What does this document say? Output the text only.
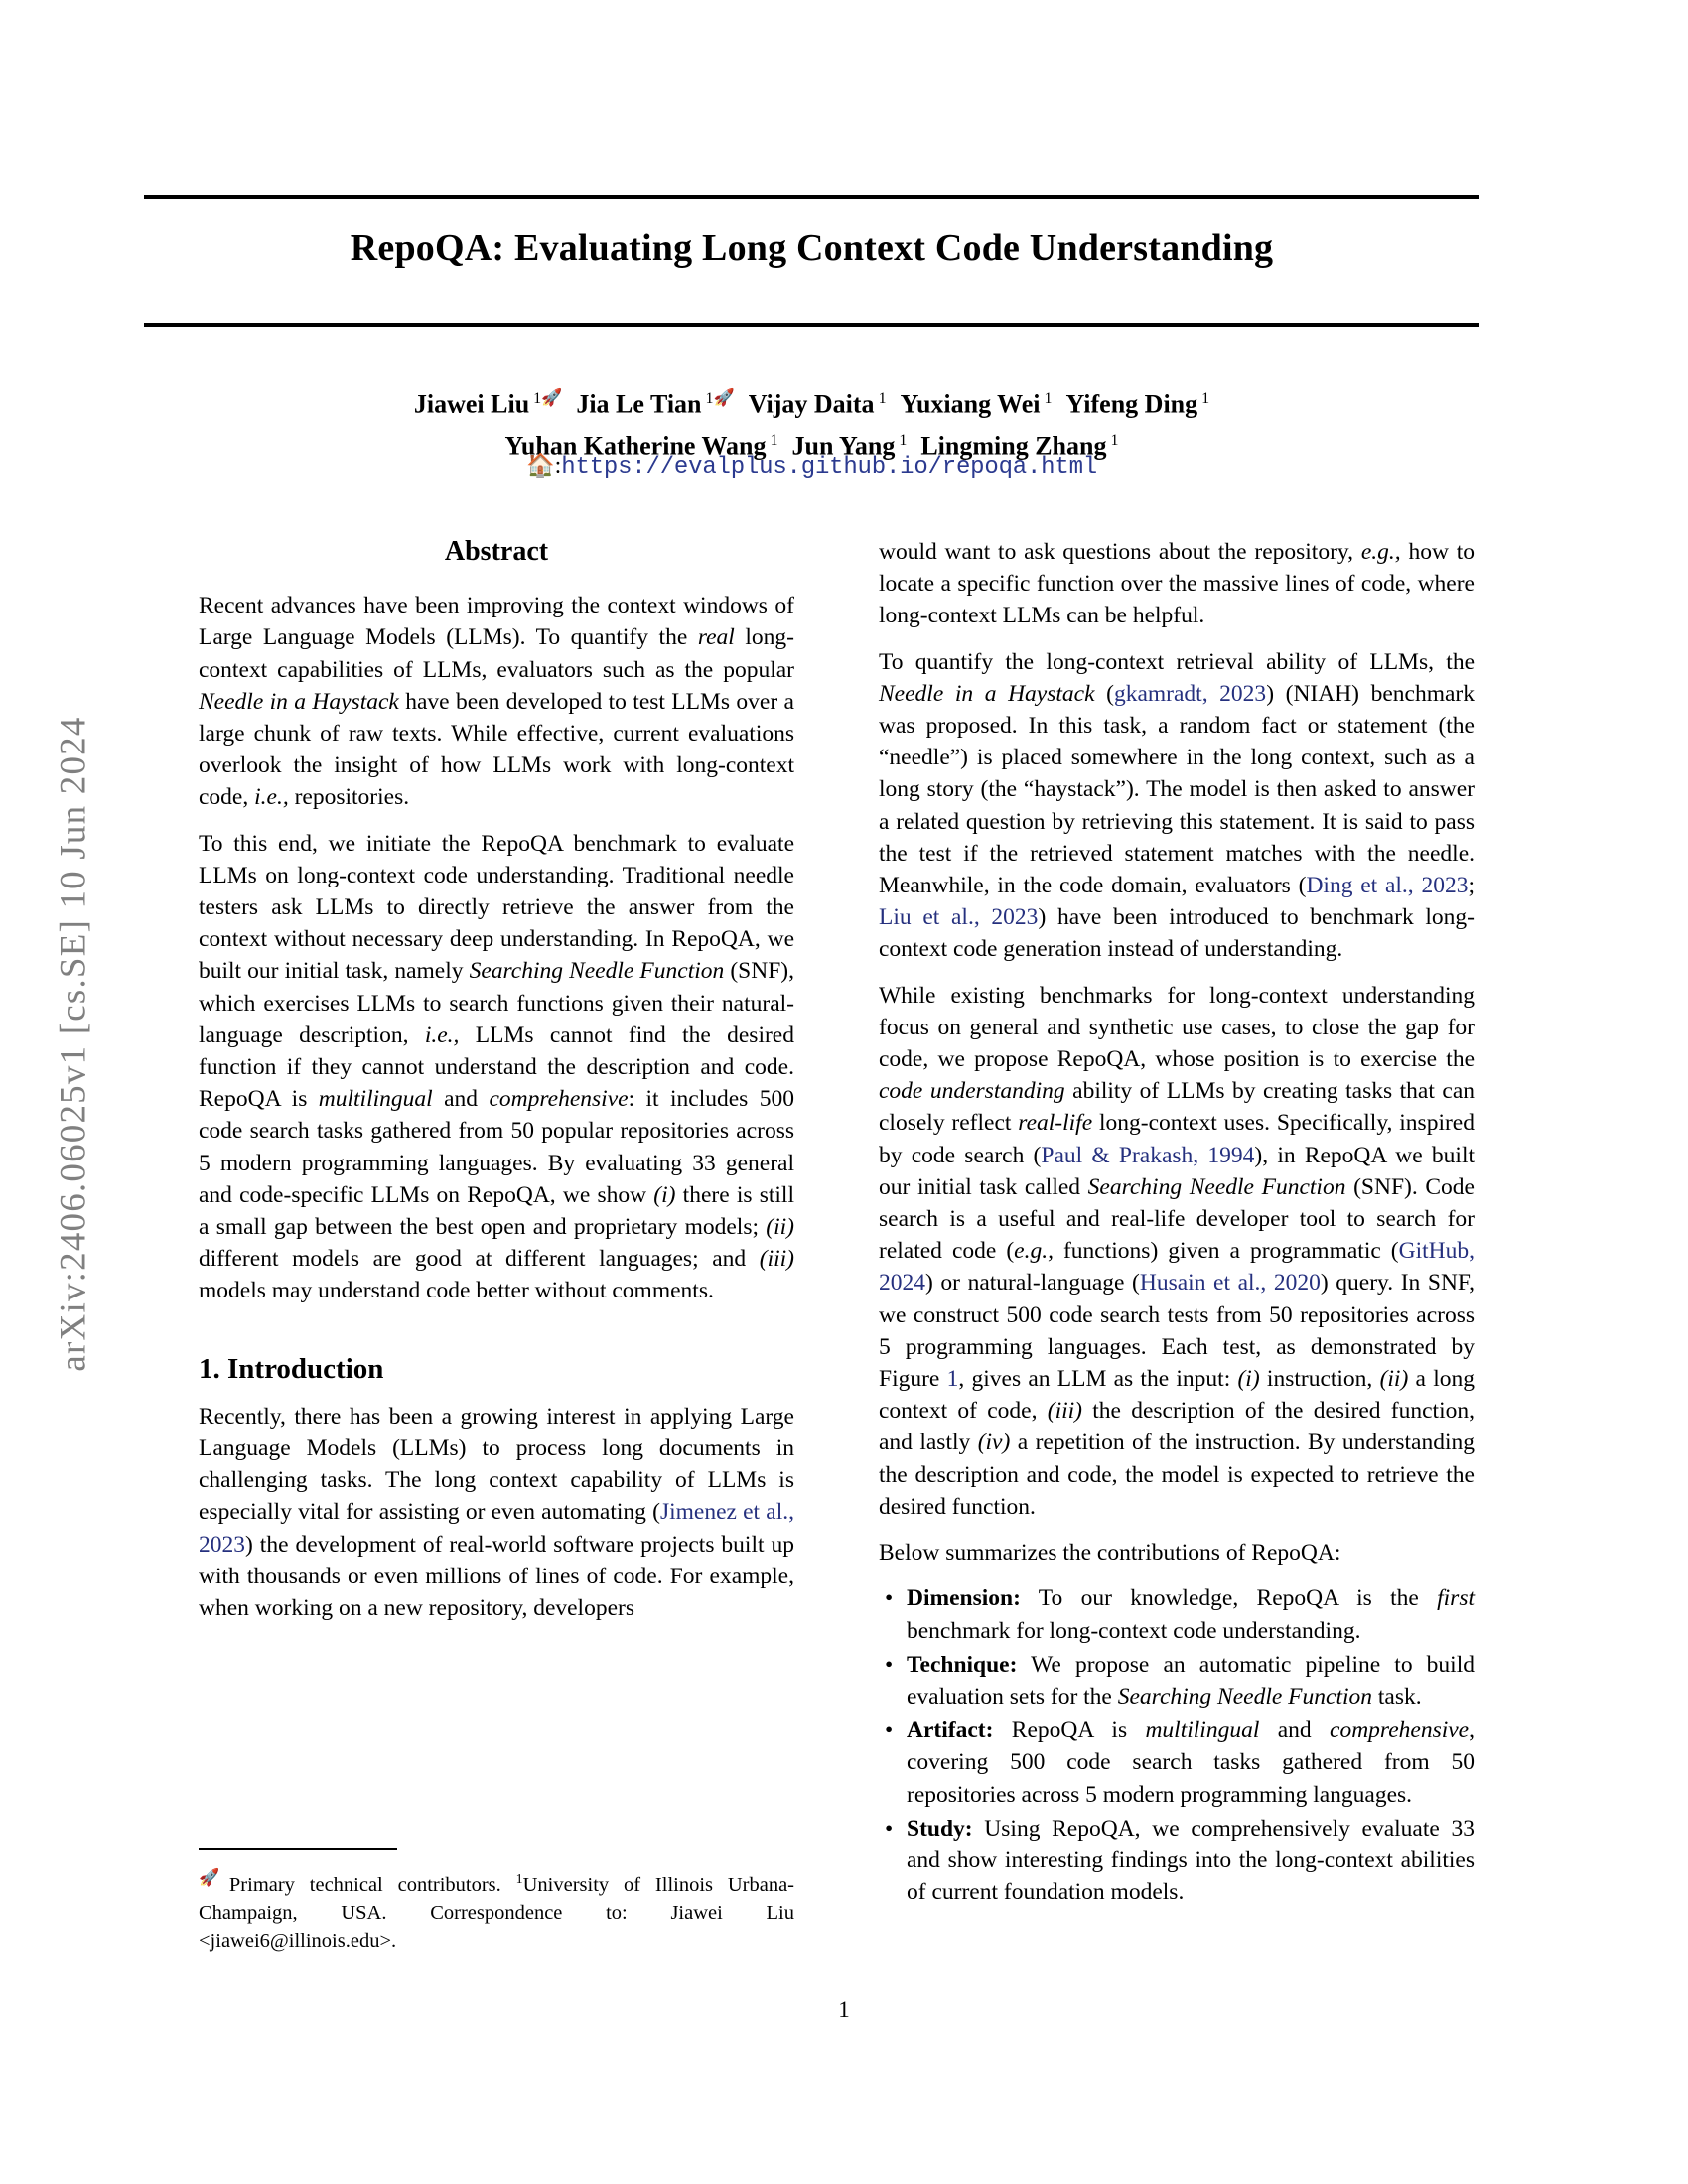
arXiv:2406.06025v1 [cs.SE] 10 Jun 2024
RepoQA: Evaluating Long Context Code Understanding
Jiawei Liu $^{1🚀}$ Jia Le Tian $^{1🚀}$ Vijay Daita $^1$ Yuxiang Wei $^1$ Yifeng Ding $^1$
Yuhan Katherine Wang $^1$ Jun Yang $^1$ Lingming Zhang $^1$
🏠:https://evalplus.github.io/repoqa.html
Abstract

Recent advances have been improving the context windows of Large Language Models (LLMs). To quantify the real long-context capabilities of LLMs, evaluators such as the popular Needle in a Haystack have been developed to test LLMs over a large chunk of raw texts. While effective, current evaluations overlook the insight of how LLMs work with long-context code, i.e., repositories.

To this end, we initiate the RepoQA benchmark to evaluate LLMs on long-context code understanding. Traditional needle testers ask LLMs to directly retrieve the answer from the context without necessary deep understanding. In RepoQA, we built our initial task, namely Searching Needle Function (SNF), which exercises LLMs to search functions given their natural-language description, i.e., LLMs cannot find the desired function if they cannot understand the description and code. RepoQA is multilingual and comprehensive: it includes 500 code search tasks gathered from 50 popular repositories across 5 modern programming languages. By evaluating 33 general and code-specific LLMs on RepoQA, we show (i) there is still a small gap between the best open and proprietary models; (ii) different models are good at different languages; and (iii) models may understand code better without comments.

1. Introduction

Recently, there has been a growing interest in applying Large Language Models (LLMs) to process long documents in challenging tasks. The long context capability of LLMs is especially vital for assisting or even automating (Jimenez et al., 2023) the development of real-world software projects built up with thousands or even millions of lines of code. For example, when working on a new repository, developers

would want to ask questions about the repository, e.g., how to locate a specific function over the massive lines of code, where long-context LLMs can be helpful.

To quantify the long-context retrieval ability of LLMs, the Needle in a Haystack (gkamradt, 2023) (NIAH) benchmark was proposed. In this task, a random fact or statement (the “needle”) is placed somewhere in the long context, such as a long story (the “haystack”). The model is then asked to answer a related question by retrieving this statement. It is said to pass the test if the retrieved statement matches with the needle. Meanwhile, in the code domain, evaluators (Ding et al., 2023; Liu et al., 2023) have been introduced to benchmark long-context code generation instead of understanding.

While existing benchmarks for long-context understanding focus on general and synthetic use cases, to close the gap for code, we propose RepoQA, whose position is to exercise the code understanding ability of LLMs by creating tasks that can closely reflect real-life long-context uses. Specifically, inspired by code search (Paul & Prakash, 1994), in RepoQA we built our initial task called Searching Needle Function (SNF). Code search is a useful and real-life developer tool to search for related code (e.g., functions) given a programmatic (GitHub, 2024) or natural-language (Husain et al., 2020) query. In SNF, we construct 500 code search tests from 50 repositories across 5 programming languages. Each test, as demonstrated by Figure 1, gives an LLM as the input: (i) instruction, (ii) a long context of code, (iii) the description of the desired function, and lastly (iv) a repetition of the instruction. By understanding the description and code, the model is expected to retrieve the desired function.

Below summarizes the contributions of RepoQA:

• Dimension: To our knowledge, RepoQA is the first benchmark for long-context code understanding.
• Technique: We propose an automatic pipeline to build evaluation sets for the Searching Needle Function task.
• Artifact: RepoQA is multilingual and comprehensive, covering 500 code search tasks gathered from 50 repositories across 5 modern programming languages.
• Study: Using RepoQA, we comprehensively evaluate 33 and show interesting findings into the long-context abilities of current foundation models.
🚀Primary technical contributors. $^1$University of Illinois Urbana-Champaign, USA. Correspondence to: Jiawei Liu <jiawei6@illinois.edu>.
1
